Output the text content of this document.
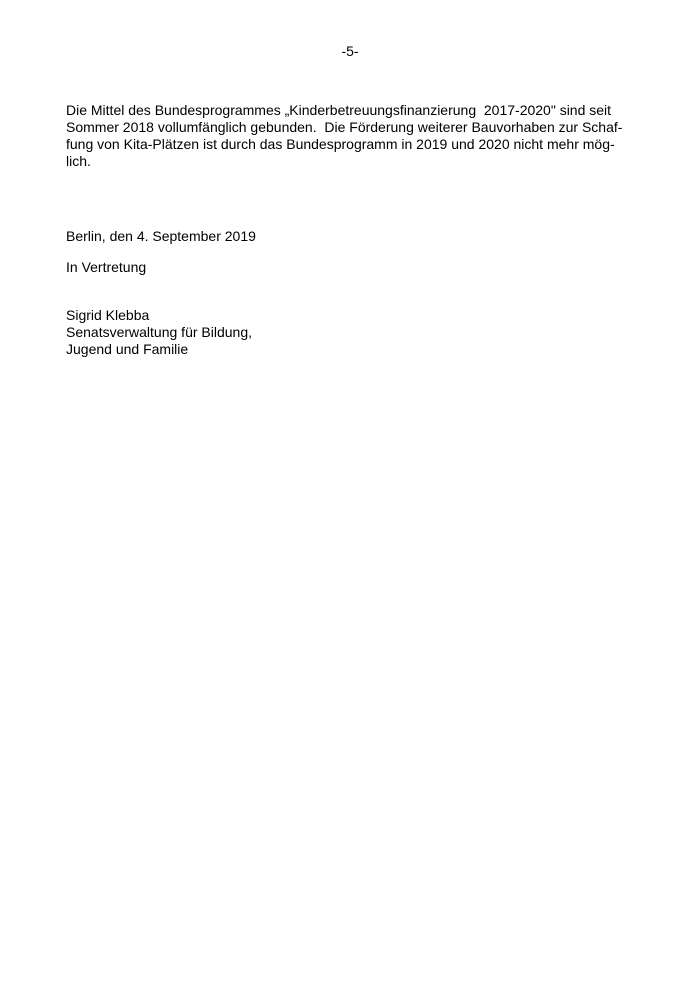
-5-
Die Mittel des Bundesprogrammes „Kinderbetreuungsfinanzierung  2017-2020" sind seit
Sommer 2018 vollumfänglich gebunden.  Die Förderung weiterer Bauvorhaben zur Schaf-
fung von Kita-Plätzen ist durch das Bundesprogramm in 2019 und 2020 nicht mehr mög-
lich.
Berlin, den 4. September 2019
In Vertretung
Sigrid Klebba
Senatsverwaltung für Bildung,
Jugend und Familie
